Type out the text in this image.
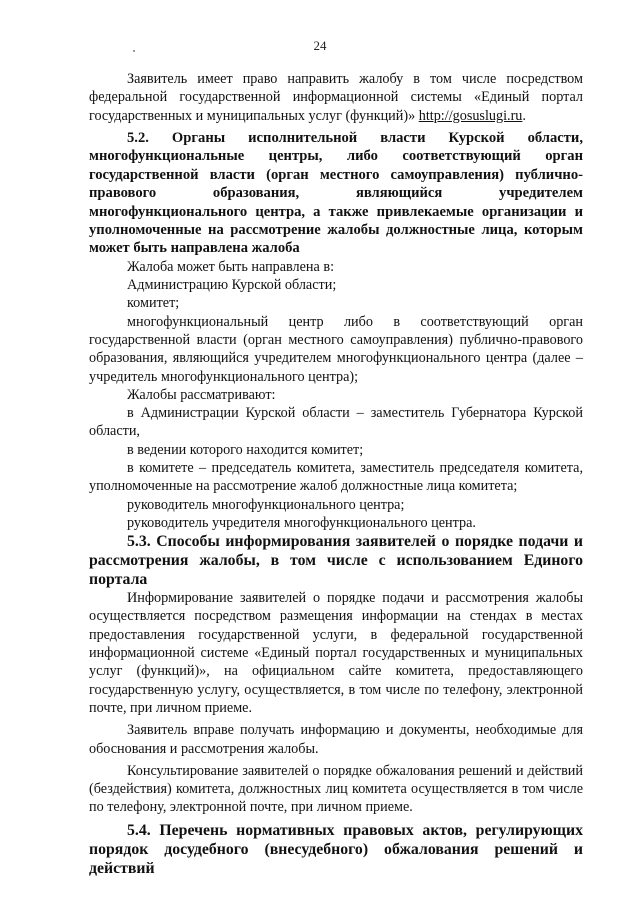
24

Заявитель имеет право направить жалобу в том числе посредством федеральной государственной информационной системы «Единый портал государственных и муниципальных услуг (функций)» http://gosuslugi.ru.

5.2. Органы исполнительной власти Курской области, многофункциональные центры, либо соответствующий орган государственной власти (орган местного самоуправления) публично-правового образования, являющийся учредителем многофункционального центра, а также привлекаемые организации и уполномоченные на рассмотрение жалобы должностные лица, которым может быть направлена жалоба

Жалоба может быть направлена в:

Администрацию Курской области;

комитет;

многофункциональный центр либо в соответствующий орган государственной власти (орган местного самоуправления) публично-правового образования, являющийся учредителем многофункционального центра (далее – учредитель многофункционального центра);

Жалобы рассматривают:

в Администрации Курской области – заместитель Губернатора Курской области,

в ведении которого находится комитет;

в комитете – председатель комитета, заместитель председателя комитета, уполномоченные на рассмотрение жалоб должностные лица комитета;

руководитель многофункционального центра;

руководитель учредителя многофункционального центра.

5.3. Способы информирования заявителей о порядке подачи и рассмотрения жалобы, в том числе с использованием Единого портала

Информирование заявителей о порядке подачи и рассмотрения жалобы осуществляется посредством размещения информации на стендах в местах предоставления государственной услуги, в федеральной государственной информационной системе «Единый портал государственных и муниципальных услуг (функций)», на официальном сайте комитета, предоставляющего государственную услугу, осуществляется, в том числе по телефону, электронной почте, при личном приеме.

Заявитель вправе получать информацию и документы, необходимые для обоснования и рассмотрения жалобы.

Консультирование заявителей о порядке обжалования решений и действий (бездействия) комитета, должностных лиц комитета осуществляется в том числе по телефону, электронной почте, при личном приеме.

5.4. Перечень нормативных правовых актов, регулирующих порядок досудебного (внесудебного) обжалования решений и действий
